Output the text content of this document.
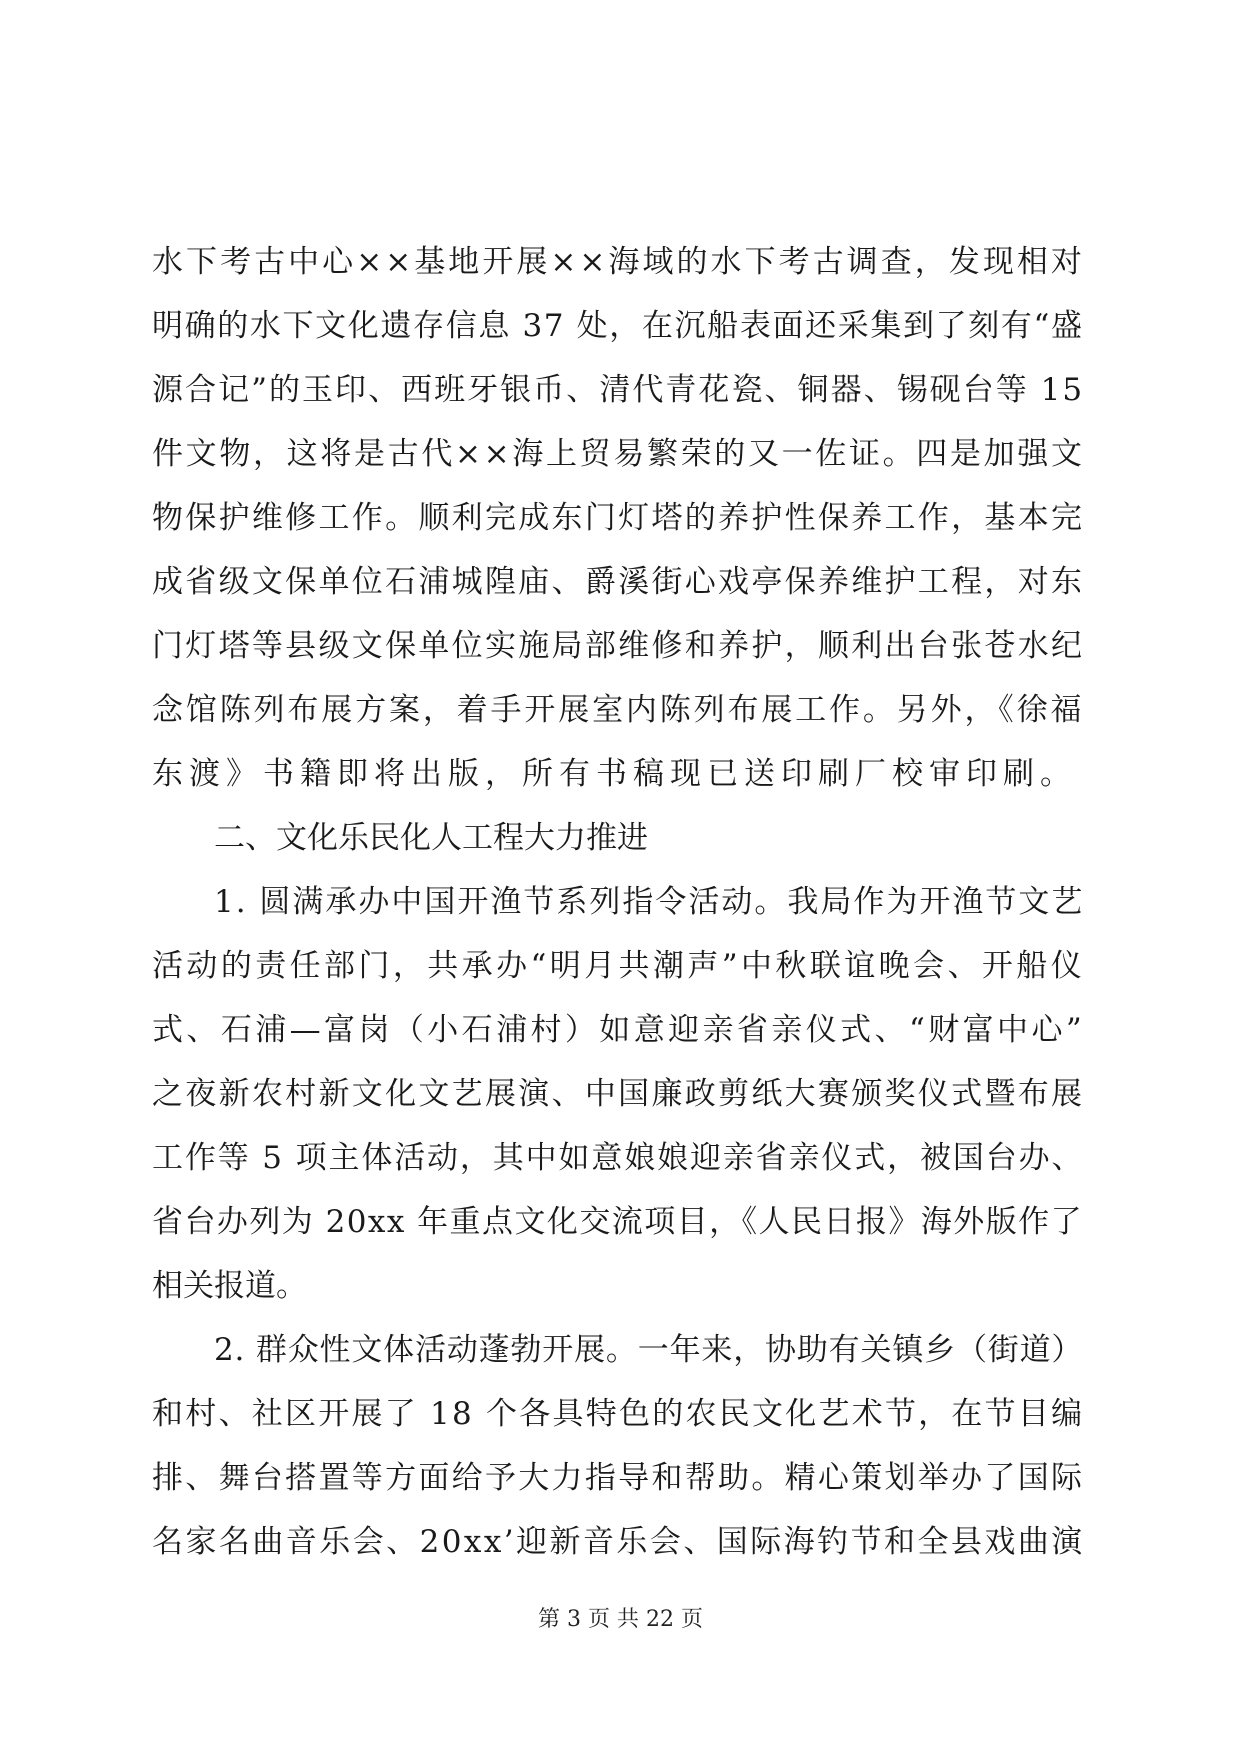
水下考古中心××基地开展××海域的水下考古调查，发现相对
明确的水下文化遗存信息 37 处，在沉船表面还采集到了刻有“盛
源合记”的玉印、西班牙银币、清代青花瓷、铜器、锡砚台等 15
件文物，这将是古代××海上贸易繁荣的又一佐证。四是加强文
物保护维修工作。顺利完成东门灯塔的养护性保养工作，基本完
成省级文保单位石浦城隍庙、爵溪街心戏亭保养维护工程，对东
门灯塔等县级文保单位实施局部维修和养护，顺利出台张苍水纪
念馆陈列布展方案，着手开展室内陈列布展工作。另外，《徐福
东渡》书籍即将出版，所有书稿现已送印刷厂校审印刷。
二、文化乐民化人工程大力推进
1. 圆满承办中国开渔节系列指令活动。我局作为开渔节文艺
活动的责任部门，共承办“明月共潮声”中秋联谊晚会、开船仪
式、石浦—富岗（小石浦村）如意迎亲省亲仪式、“财富中心”
之夜新农村新文化文艺展演、中国廉政剪纸大赛颁奖仪式暨布展
工作等 5 项主体活动，其中如意娘娘迎亲省亲仪式，被国台办、
省台办列为 20xx 年重点文化交流项目，《人民日报》海外版作了
相关报道。
2. 群众性文体活动蓬勃开展。一年来，协助有关镇乡（街道）
和村、社区开展了 18 个各具特色的农民文化艺术节，在节目编
排、舞台搭置等方面给予大力指导和帮助。精心策划举办了国际
名家名曲音乐会、20xx’迎新音乐会、国际海钓节和全县戏曲演
第 3 页 共 22 页
